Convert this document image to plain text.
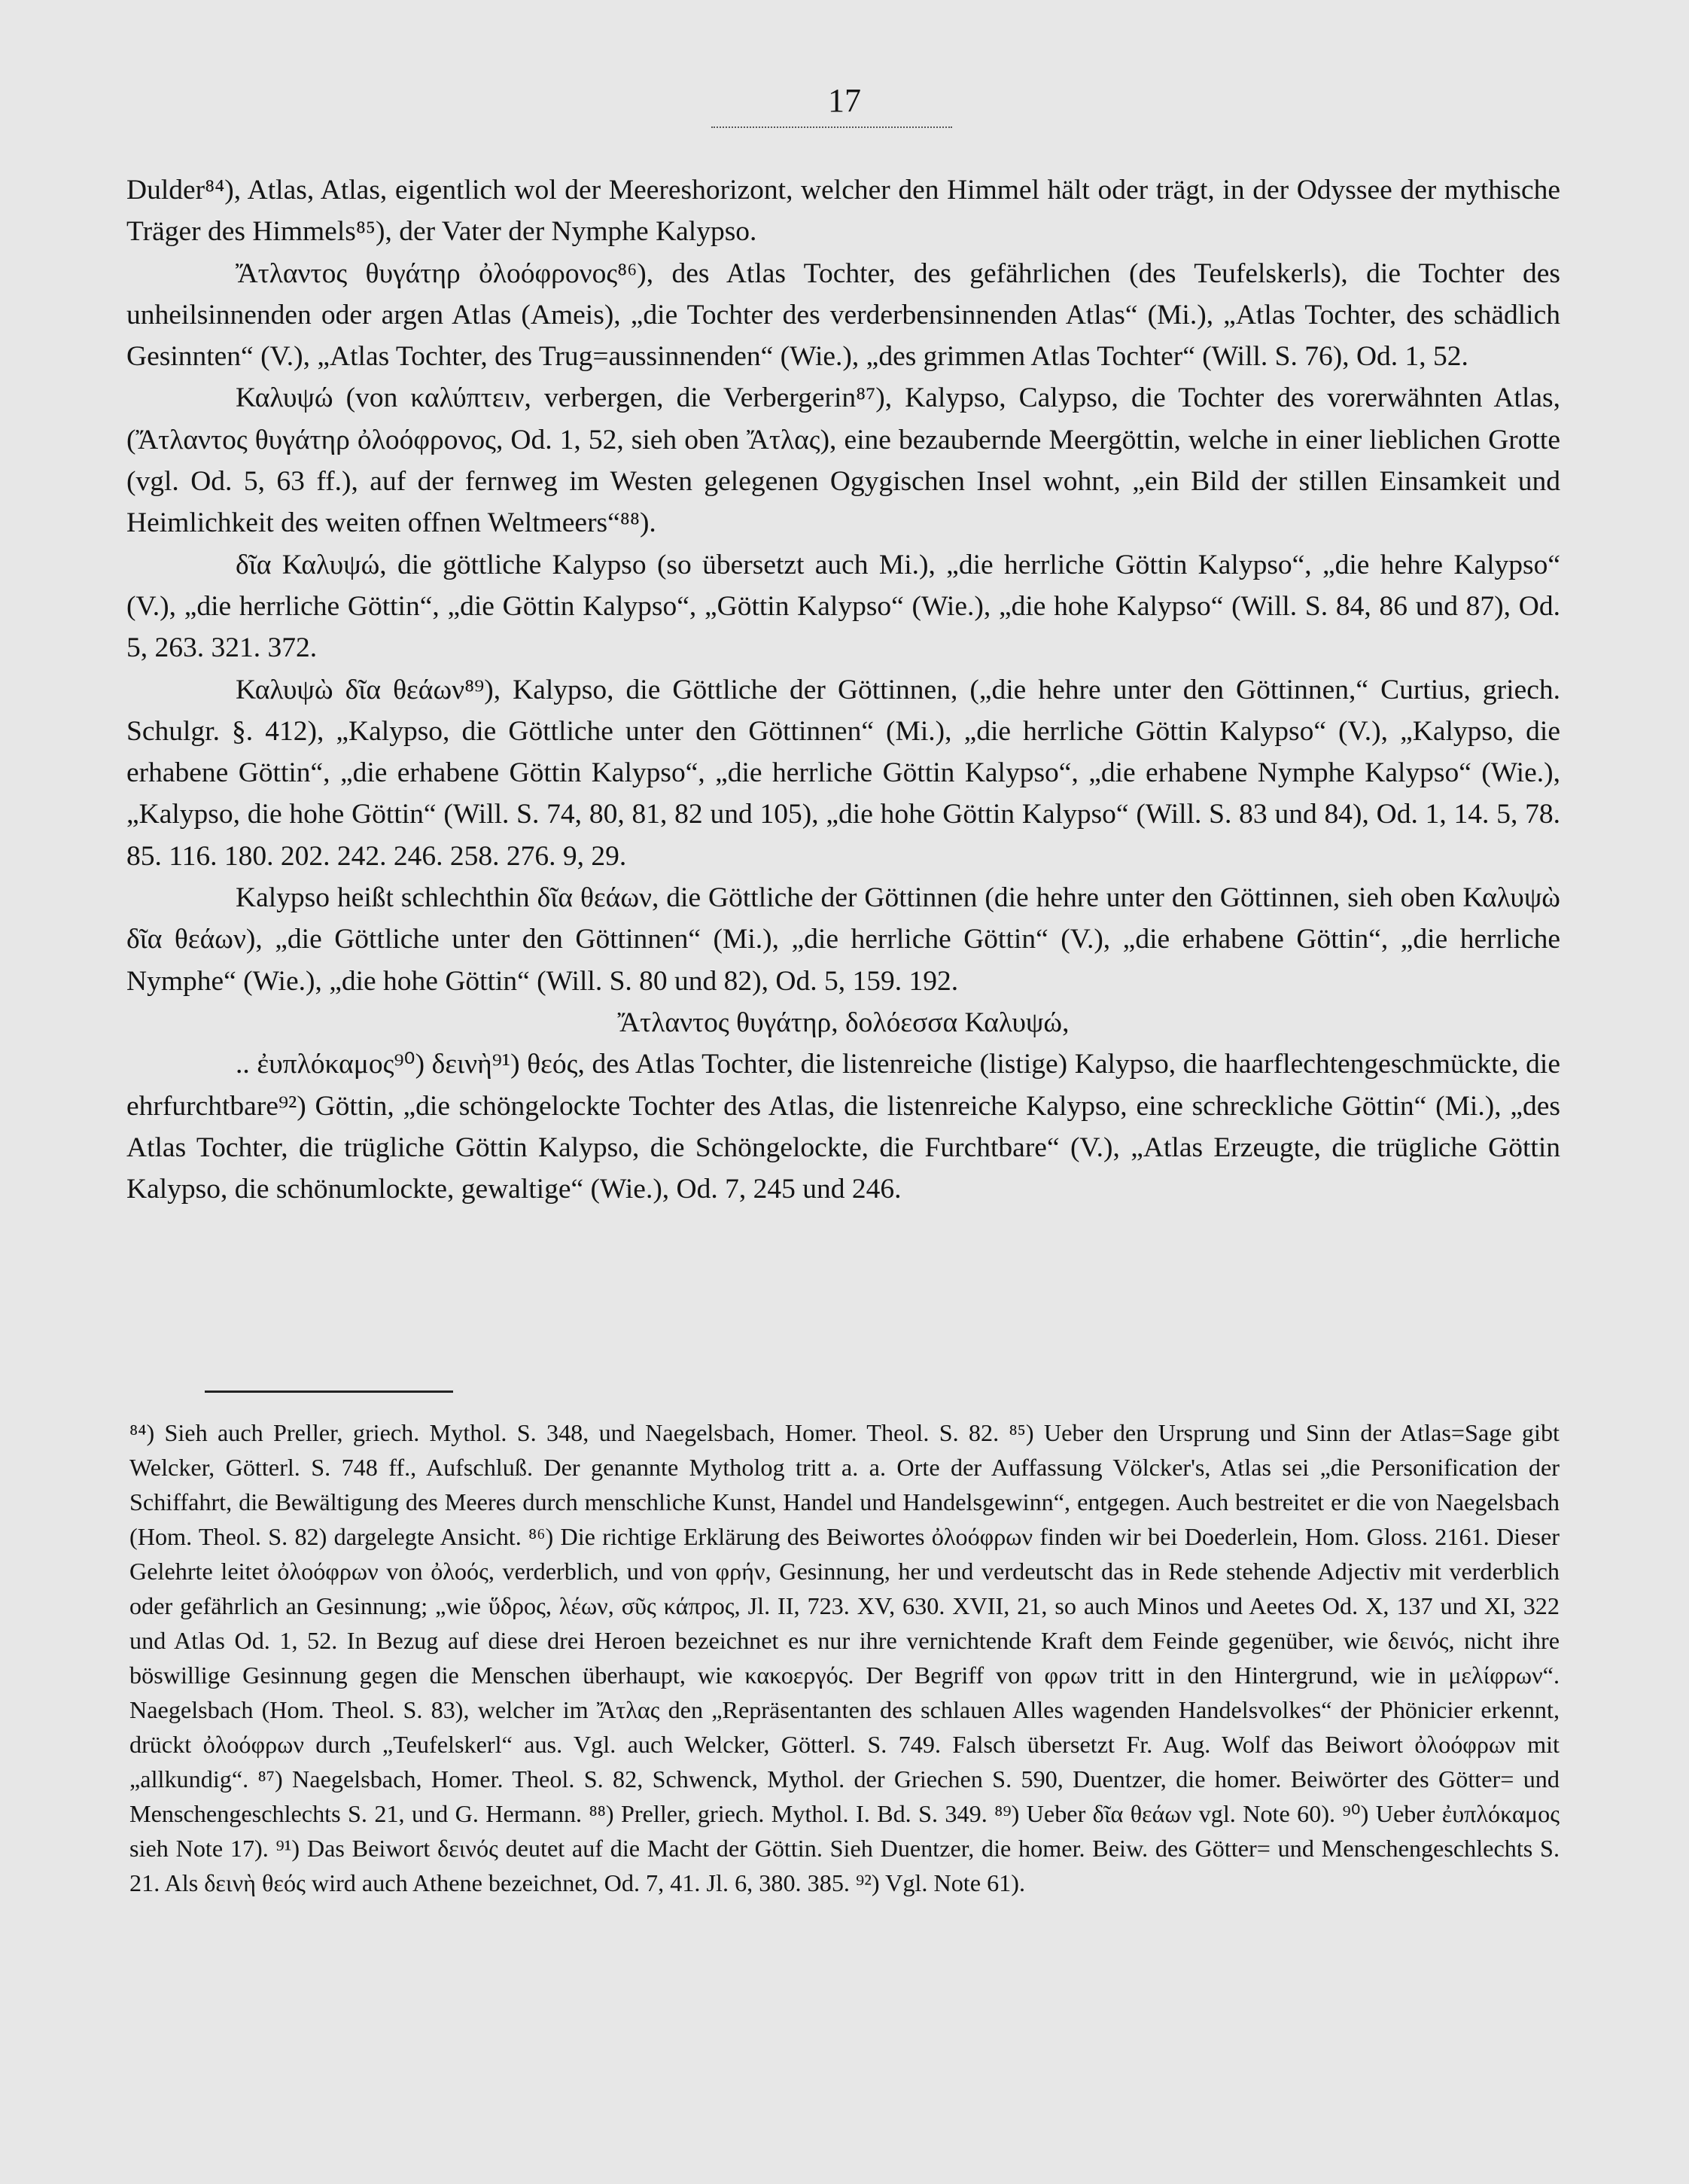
17

Dulder⁸⁴), Atlas, Atlas, eigentlich wol der Meereshorizont, welcher den Himmel hält oder trägt, in der Odyssee der mythische Träger des Himmels⁸⁵), der Vater der Nymphe Kalypso.

Ἄτλαντος θυγάτηρ ὀλοόφρονος⁸⁶), des Atlas Tochter, des gefährlichen (des Teufelskerls), die Tochter des unheilsinnenden oder argen Atlas (Ameis), „die Tochter des verderbensinnenden Atlas“ (Mi.), „Atlas Tochter, des schädlich Gesinnten“ (V.), „Atlas Tochter, des Trug=aussinnenden“ (Wie.), „des grimmen Atlas Tochter“ (Will. S. 76), Od. 1, 52.

Καλυψώ (von καλύπτειν, verbergen, die Verbergerin⁸⁷), Kalypso, Calypso, die Tochter des vorerwähnten Atlas, (Ἄτλαντος θυγάτηρ ὀλοόφρονος, Od. 1, 52, sieh oben Ἄτλας), eine bezaubernde Meergöttin, welche in einer lieblichen Grotte (vgl. Od. 5, 63 ff.), auf der fernweg im Westen gelegenen Ogygischen Insel wohnt, „ein Bild der stillen Einsamkeit und Heimlichkeit des weiten offnen Weltmeers“⁸⁸).

δῖα Καλυψώ, die göttliche Kalypso (so übersetzt auch Mi.), „die herrliche Göttin Kalypso“, „die hehre Kalypso“ (V.), „die herrliche Göttin“, „die Göttin Kalypso“, „Göttin Kalypso“ (Wie.), „die hohe Kalypso“ (Will. S. 84, 86 und 87), Od. 5, 263. 321. 372.

Καλυψὼ δῖα θεάων⁸⁹), Kalypso, die Göttliche der Göttinnen, („die hehre unter den Göttinnen,“ Curtius, griech. Schulgr. §. 412), „Kalypso, die Göttliche unter den Göttinnen“ (Mi.), „die herrliche Göttin Kalypso“ (V.), „Kalypso, die erhabene Göttin“, „die erhabene Göttin Kalypso“, „die herrliche Göttin Kalypso“, „die erhabene Nymphe Kalypso“ (Wie.), „Kalypso, die hohe Göttin“ (Will. S. 74, 80, 81, 82 und 105), „die hohe Göttin Kalypso“ (Will. S. 83 und 84), Od. 1, 14. 5, 78. 85. 116. 180. 202. 242. 246. 258. 276. 9, 29.

Kalypso heißt schlechthin δῖα θεάων, die Göttliche der Göttinnen (die hehre unter den Göttinnen, sieh oben Καλυψὼ δῖα θεάων), „die Göttliche unter den Göttinnen“ (Mi.), „die herrliche Göttin“ (V.), „die erhabene Göttin“, „die herrliche Nymphe“ (Wie.), „die hohe Göttin“ (Will. S. 80 und 82), Od. 5, 159. 192.

Ἄτλαντος θυγάτηρ, δολόεσσα Καλυψώ,

.. ἐυπλόκαμος⁹⁰) δεινὴ⁹¹) θεός, des Atlas Tochter, die listenreiche (listige) Kalypso, die haarflechtengeschmückte, die ehrfurchtbare⁹²) Göttin, „die schöngelockte Tochter des Atlas, die listenreiche Kalypso, eine schreckliche Göttin“ (Mi.), „des Atlas Tochter, die trügliche Göttin Kalypso, die Schöngelockte, die Furchtbare“ (V.), „Atlas Erzeugte, die trügliche Göttin Kalypso, die schönumlockte, gewaltige“ (Wie.), Od. 7, 245 und 246.

⁸⁴) Sieh auch Preller, griech. Mythol. S. 348, und Naegelsbach, Homer. Theol. S. 82. ⁸⁵) Ueber den Ursprung und Sinn der Atlas=Sage gibt Welcker, Götterl. S. 748 ff., Aufschluß. Der genannte Mytholog tritt a. a. Orte der Auffassung Völcker's, Atlas sei „die Personification der Schiffahrt, die Bewältigung des Meeres durch menschliche Kunst, Handel und Handelsgewinn“, entgegen. Auch bestreitet er die von Naegelsbach (Hom. Theol. S. 82) dargelegte Ansicht. ⁸⁶) Die richtige Erklärung des Beiwortes ὀλοόφρων finden wir bei Doederlein, Hom. Gloss. 2161. Dieser Gelehrte leitet ὀλοόφρων von ὀλοός, verderblich, und von φρήν, Gesinnung, her und verdeutscht das in Rede stehende Adjectiv mit verderblich oder gefährlich an Gesinnung; „wie ὕδρος, λέων, σῦς κάπρος, Jl. II, 723. XV, 630. XVII, 21, so auch Minos und Aeetes Od. X, 137 und XI, 322 und Atlas Od. 1, 52. In Bezug auf diese drei Heroen bezeichnet es nur ihre vernichtende Kraft dem Feinde gegenüber, wie δεινός, nicht ihre böswillige Gesinnung gegen die Menschen überhaupt, wie κακοεργός. Der Begriff von φρων tritt in den Hintergrund, wie in μελίφρων“. Naegelsbach (Hom. Theol. S. 83), welcher im Ἄτλας den „Repräsentanten des schlauen Alles wagenden Handelsvolkes“ der Phönicier erkennt, drückt ὀλοόφρων durch „Teufelskerl“ aus. Vgl. auch Welcker, Götterl. S. 749. Falsch übersetzt Fr. Aug. Wolf das Beiwort ὀλοόφρων mit „allkundig“. ⁸⁷) Naegelsbach, Homer. Theol. S. 82, Schwenck, Mythol. der Griechen S. 590, Duentzer, die homer. Beiwörter des Götter= und Menschengeschlechts S. 21, und G. Hermann. ⁸⁸) Preller, griech. Mythol. I. Bd. S. 349. ⁸⁹) Ueber δῖα θεάων vgl. Note 60). ⁹⁰) Ueber ἐυπλόκαμος sieh Note 17). ⁹¹) Das Beiwort δεινός deutet auf die Macht der Göttin. Sieh Duentzer, die homer. Beiw. des Götter= und Menschengeschlechts S. 21. Als δεινὴ θεός wird auch Athene bezeichnet, Od. 7, 41. Jl. 6, 380. 385. ⁹²) Vgl. Note 61).
